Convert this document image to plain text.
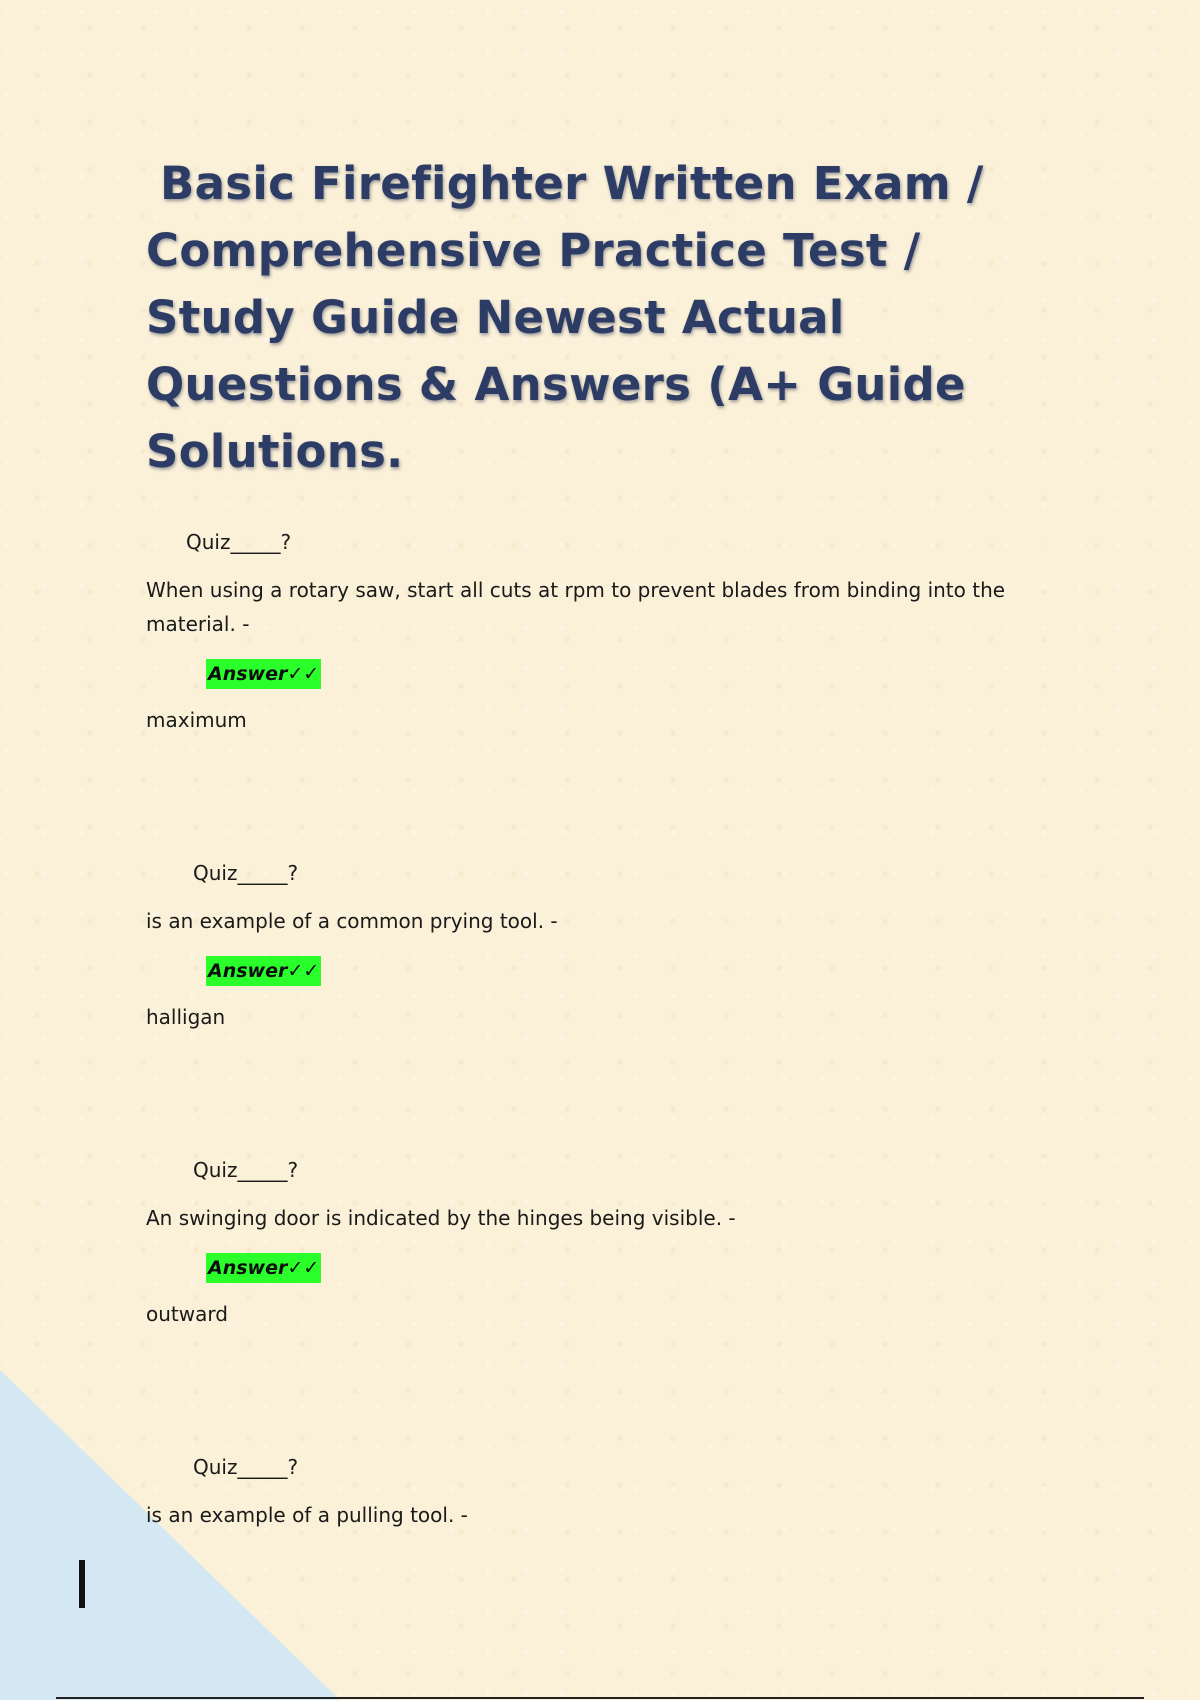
Basic Firefighter Written Exam /
Comprehensive Practice Test /
Study Guide Newest Actual
Questions & Answers (A+ Guide
Solutions.
Quiz_____?
When using a rotary saw, start all cuts at rpm to prevent blades from binding into the material. -
Answer✓✓
maximum
Quiz_____?
is an example of a common prying tool. -
Answer✓✓
halligan
Quiz_____?
An swinging door is indicated by the hinges being visible. -
Answer✓✓
outward
Quiz_____?
is an example of a pulling tool. -
